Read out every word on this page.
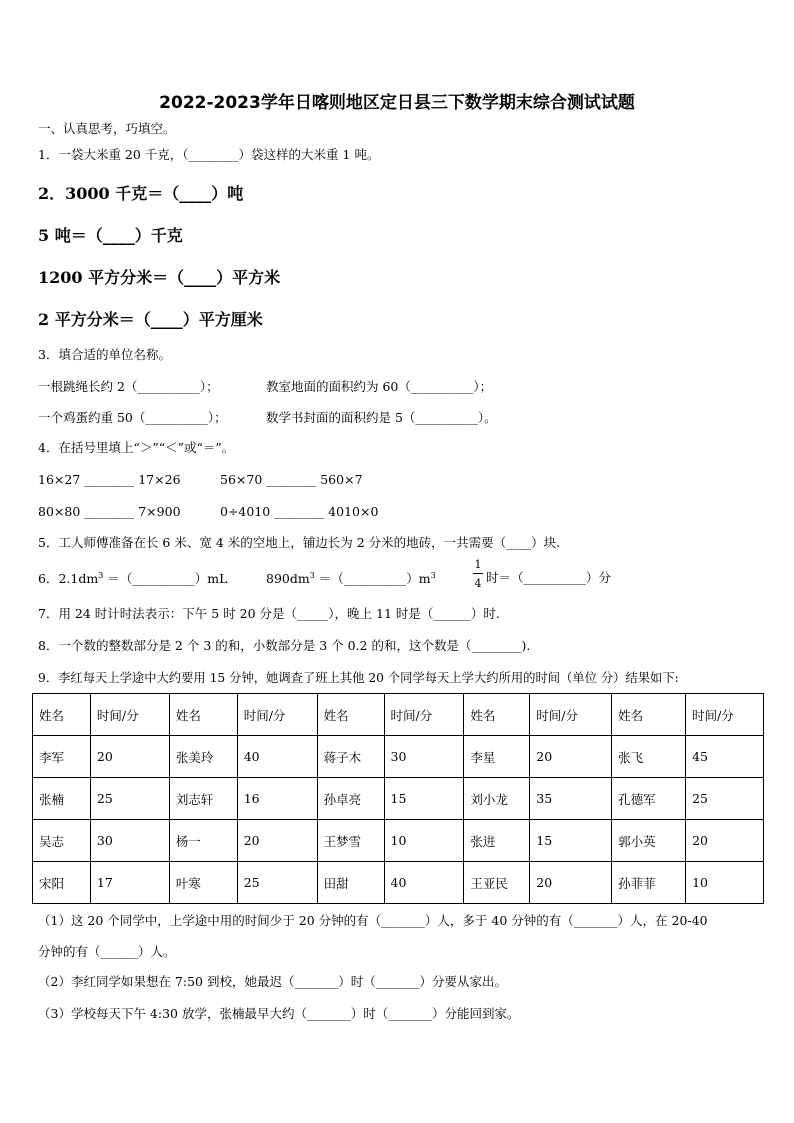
2022-2023学年日喀则地区定日县三下数学期末综合测试试题
一、认真思考，巧填空。
1．一袋大米重 20 千克，（________）袋这样的大米重 1 吨。
2．3000 千克＝（____）吨
5 吨＝（____）千克
1200 平方分米＝（____）平方米
2 平方分米＝（____）平方厘米
3．填合适的单位名称。
一根跳绳长约 2（__________）；	教室地面的面积约为 60（__________）；
一个鸡蛋约重 50（__________）；	数学书封面的面积约是 5（__________）。
4．在括号里填上“＞”“＜”或“＝”。
16×27 ________ 17×26	56×70 ________ 560×7
80×80 ________ 7×900	0÷4010 ________ 4010×0
5．工人师傅准备在长 6 米、宽 4 米的空地上，铺边长为 2 分米的地砖，一共需要（____）块.
6．$2.1dm^3$ ＝（__________）mL	$890dm^3$ $=(\_\_\_\_\_\_\_\_\_\_)m^3$
1
4 时＝（__________）分
7．用 24 时计时法表示：下午 5 时 20 分是（_____），晚上 11 时是（______）时.
8．一个数的整数部分是 2 个 3 的和，小数部分是 3 个 0.2 的和，这个数是（________).
9．李红每天上学途中大约要用 15 分钟，她调查了班上其他 20 个同学每天上学大约所用的时间（单位 分）结果如下:
姓名	时间/分	姓名	时间/分	姓名	时间/分	姓名	时间/分	姓名	时间/分
李军	20	张美玲	40	蒋子木	30	李星	20	张飞	45
张楠	25	刘志轩	16	孙卓亮	15	刘小龙	35	孔德军	25
吴志	30	杨一	20	王梦雪	10	张进	15	郭小英	20
宋阳	17	叶寒	25	田甜	40	王亚民	20	孙菲菲	10
（1）这 20 个同学中，上学途中用的时间少于 20 分钟的有（_______）人，多于 40 分钟的有（_______）人，在 20-40
分钟的有（______）人。
（2）李红同学如果想在 7:50 到校，她最迟（_______）时（_______）分要从家出。
（3）学校每天下午 4:30 放学，张楠最早大约（_______）时（_______）分能回到家。
